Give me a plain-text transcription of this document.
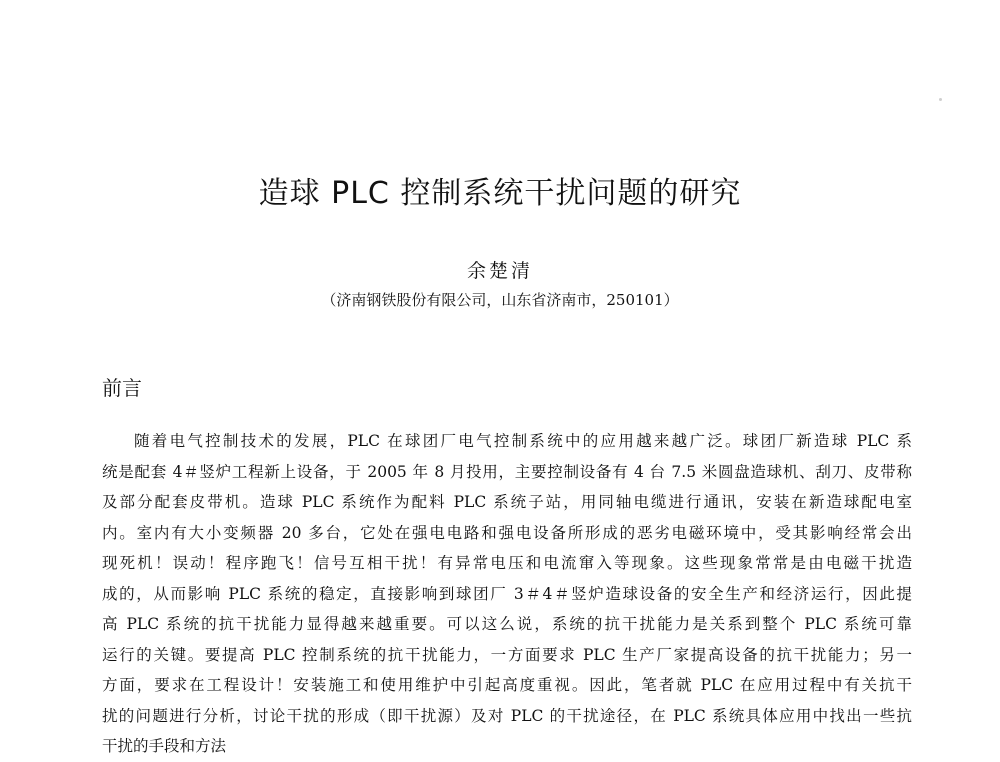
造球 PLC 控制系统干扰问题的研究
余楚清
（济南钢铁股份有限公司，山东省济南市，250101）
前言
随着电气控制技术的发展，PLC 在球团厂电气控制系统中的应用越来越广泛。球团厂新造球 PLC 系
统是配套 4＃竖炉工程新上设备，于 2005 年 8 月投用，主要控制设备有 4 台 7.5 米圆盘造球机、刮刀、皮带称
及部分配套皮带机。造球 PLC 系统作为配料 PLC 系统子站，用同轴电缆进行通讯，安装在新造球配电室
内。室内有大小变频器 20 多台，它处在强电电路和强电设备所形成的恶劣电磁环境中，受其影响经常会出
现死机！误动！程序跑飞！信号互相干扰！有异常电压和电流窜入等现象。这些现象常常是由电磁干扰造
成的，从而影响 PLC 系统的稳定，直接影响到球团厂 3＃4＃竖炉造球设备的安全生产和经济运行，因此提
高 PLC 系统的抗干扰能力显得越来越重要。可以这么说，系统的抗干扰能力是关系到整个 PLC 系统可靠
运行的关键。要提高 PLC 控制系统的抗干扰能力，一方面要求 PLC 生产厂家提高设备的抗干扰能力；另一
方面，要求在工程设计！安装施工和使用维护中引起高度重视。因此，笔者就 PLC 在应用过程中有关抗干
扰的问题进行分析，讨论干扰的形成（即干扰源）及对 PLC 的干扰途径，在 PLC 系统具体应用中找出一些抗
干扰的手段和方法
